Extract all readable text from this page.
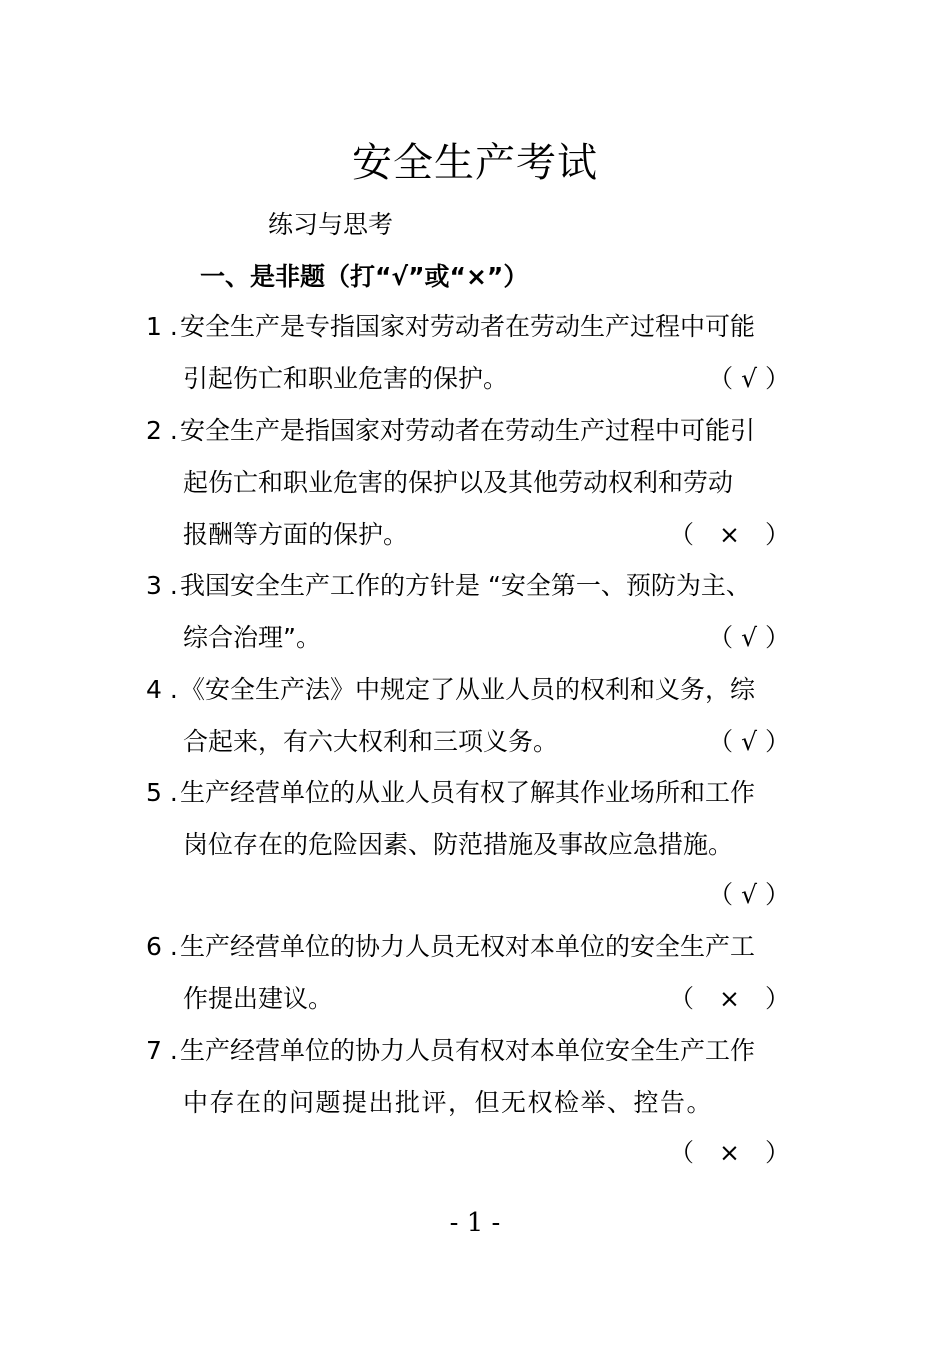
安全生产考试
练习与思考
一、是非题（打“√”或“×”）
1 . 安全生产是专指国家对劳动者在劳动生产过程中可能
引起伤亡和职业危害的保护。	（ √ ）
2 . 安全生产是指国家对劳动者在劳动生产过程中可能引
起伤亡和职业危害的保护以及其他劳动权利和劳动
报酬等方面的保护。	（　×　）
3 . 我国安全生产工作的方针是 “安全第一、预防为主、
综合治理”。	（ √ ）
4 . 《安全生产法》中规定了从业人员的权利和义务，综
合起来，有六大权利和三项义务。	（ √ ）
5 . 生产经营单位的从业人员有权了解其作业场所和工作
岗位存在的危险因素、防范措施及事故应急措施。
（ √ ）
6 . 生产经营单位的协力人员无权对本单位的安全生产工
作提出建议。	（　×　）
7 . 生产经营单位的协力人员有权对本单位安全生产工作
中存在的问题提出批评，但无权检举、控告。
（　×　）
- 1 -
